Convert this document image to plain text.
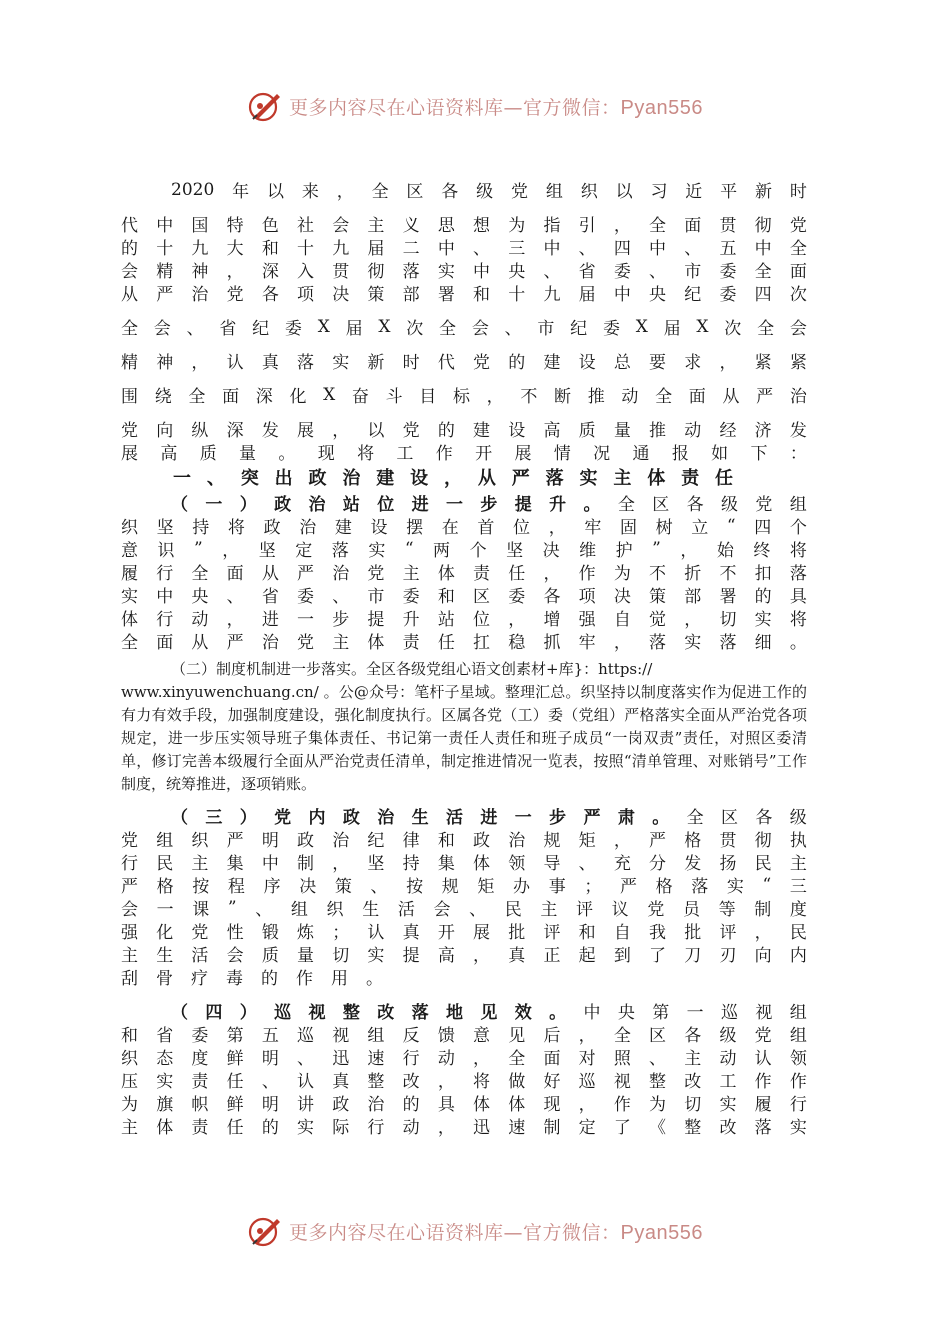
更多内容尽在心语资料库—官方微信：Pyan556
2020 年 以 来 ， 全 区 各 级 党 组 织 以 习 近 平 新 时
代 中 国 特 色 社 会 主 义 思 想 为 指 引 ， 全 面 贯 彻 党
的 十 九 大 和 十 九 届 二 中 、 三 中 、 四 中 、 五 中 全
会 精 神 ， 深 入 贯 彻 落 实 中 央 、 省 委 、 市 委 全 面
从 严 治 党 各 项 决 策 部 署 和 十 九 届 中 央 纪 委 四 次
全 会 、 省 纪 委 X 届 X 次 全 会 、 市 纪 委 X 届 X 次 全 会
精 神 ， 认 真 落 实 新 时 代 党 的 建 设 总 要 求 ， 紧 紧
围 绕 全 面 深 化 X 奋 斗 目 标 ， 不 断 推 动 全 面 从 严 治
党 向 纵 深 发 展 ， 以 党 的 建 设 高 质 量 推 动 经 济 发
展 高 质 量 。 现 将 工 作 开 展 情 况 通 报 如 下 ：
一 、 突 出 政 治 建 设 ， 从 严 落 实 主 体 责 任
（ 一 ） 政 治 站 位 进 一 步 提 升 。 全 区 各 级 党 组
织 坚 持 将 政 治 建 设 摆 在 首 位 ， 牢 固 树 立 “ 四 个
意 识 ” ， 坚 定 落 实 “ 两 个 坚 决 维 护 ” ， 始 终 将
履 行 全 面 从 严 治 党 主 体 责 任 ， 作 为 不 折 不 扣 落
实 中 央 、 省 委 、 市 委 和 区 委 各 项 决 策 部 署 的 具
体 行 动 ， 进 一 步 提 升 站 位 ， 增 强 自 觉 ， 切 实 将
全 面 从 严 治 党 主 体 责 任 扛 稳 抓 牢 ， 落 实 落 细 。

（二）制度机制进一步落实。全区各级党组心语文创素材+库}：https://

www.xinyuwenchuang.cn/ 。公@众号：笔杆子星域。整理汇总。织坚持以制度落实作为促进工作的有力有效手段，加强制度建设，强化制度执行。区属各党（工）委（党组）严格落实全面从严治党各项规定，进一步压实领导班子集体责任、书记第一责任人责任和班子成员“一岗双责”责任，对照区委清单，修订完善本级履行全面从严治党责任清单，制定推进情况一览表，按照“清单管理、对账销号”工作制度，统筹推进，逐项销账。

（ 三 ） 党 内 政 治 生 活 进 一 步 严 肃 。 全 区 各 级
党 组 织 严 明 政 治 纪 律 和 政 治 规 矩 ， 严 格 贯 彻 执
行 民 主 集 中 制 ， 坚 持 集 体 领 导 、 充 分 发 扬 民 主
严 格 按 程 序 决 策 、 按 规 矩 办 事 ； 严 格 落 实 “ 三
会 一 课 ” 、 组 织 生 活 会 、 民 主 评 议 党 员 等 制 度
强 化 党 性 锻 炼 ； 认 真 开 展 批 评 和 自 我 批 评 ， 民
主 生 活 会 质 量 切 实 提 高 ， 真 正 起 到 了 刀 刃 向 内
刮 骨 疗 毒 的 作 用 。
（ 四 ） 巡 视 整 改 落 地 见 效 。 中 央 第 一 巡 视 组
和 省 委 第 五 巡 视 组 反 馈 意 见 后 ， 全 区 各 级 党 组
织 态 度 鲜 明 、 迅 速 行 动 ， 全 面 对 照 、 主 动 认 领
压 实 责 任 、 认 真 整 改 ， 将 做 好 巡 视 整 改 工 作 作
为 旗 帜 鲜 明 讲 政 治 的 具 体 体 现 ， 作 为 切 实 履 行
主 体 责 任 的 实 际 行 动 ， 迅 速 制 定 了 《 整 改 落 实
更多内容尽在心语资料库—官方微信：Pyan556
